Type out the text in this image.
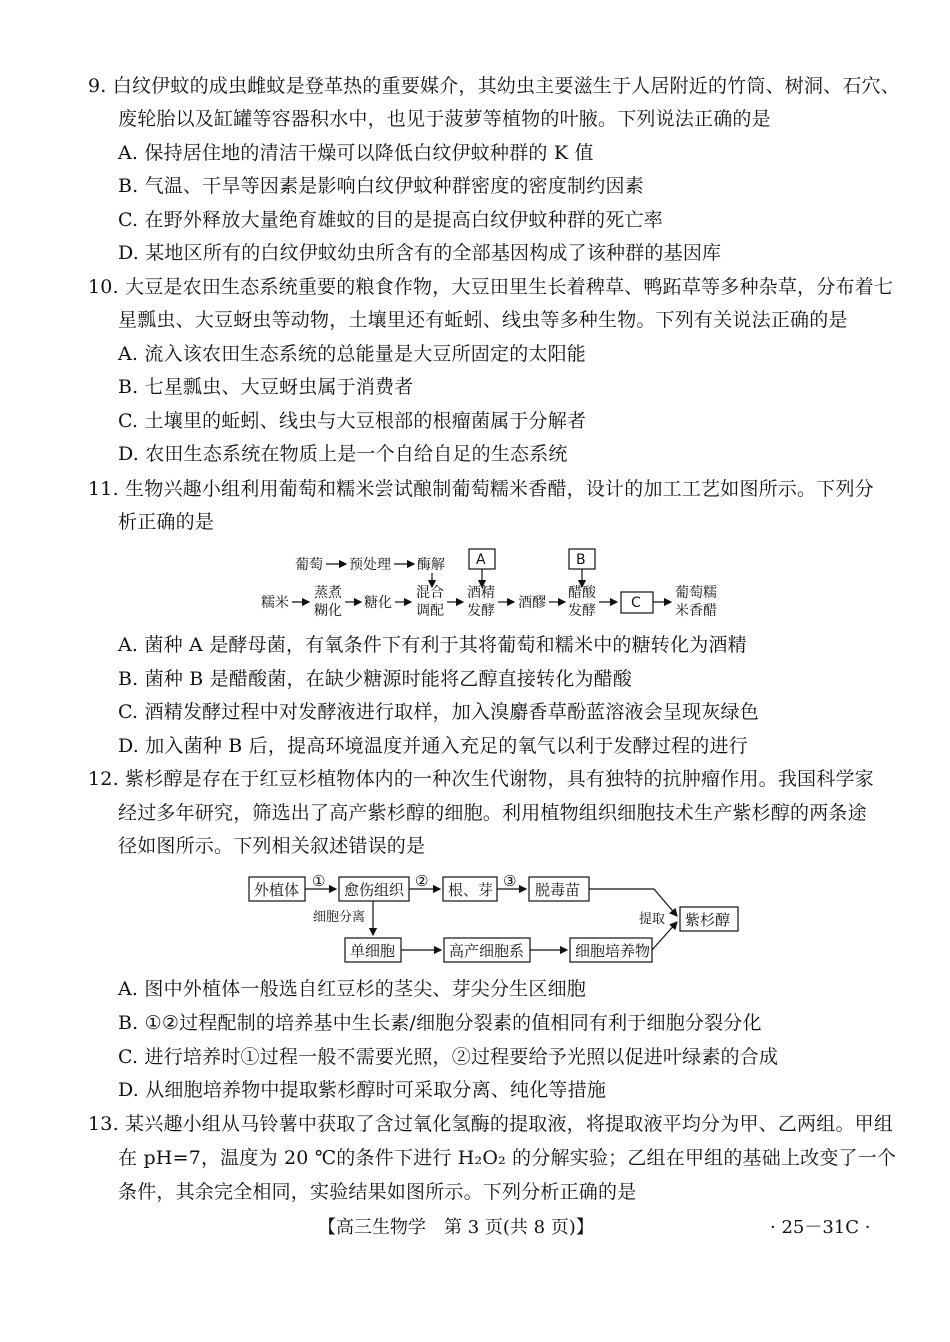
9. 白纹伊蚊的成虫雌蚊是登革热的重要媒介，其幼虫主要滋生于人居附近的竹筒、树洞、石穴、
废轮胎以及缸罐等容器积水中，也见于菠萝等植物的叶腋。下列说法正确的是
A. 保持居住地的清洁干燥可以降低白纹伊蚊种群的 K 值
B. 气温、干旱等因素是影响白纹伊蚊种群密度的密度制约因素
C. 在野外释放大量绝育雄蚊的目的是提高白纹伊蚊种群的死亡率
D. 某地区所有的白纹伊蚊幼虫所含有的全部基因构成了该种群的基因库
10. 大豆是农田生态系统重要的粮食作物，大豆田里生长着稗草、鸭跖草等多种杂草，分布着七
星瓢虫、大豆蚜虫等动物，土壤里还有蚯蚓、线虫等多种生物。下列有关说法正确的是
A. 流入该农田生态系统的总能量是大豆所固定的太阳能
B. 七星瓢虫、大豆蚜虫属于消费者
C. 土壤里的蚯蚓、线虫与大豆根部的根瘤菌属于分解者
D. 农田生态系统在物质上是一个自给自足的生态系统
11. 生物兴趣小组利用葡萄和糯米尝试酿制葡萄糯米香醋，设计的加工工艺如图所示。下列分
析正确的是
葡萄 预处理 酶解 A	B
糯米
蒸煮
糊化 糖化
混合
调配
酒精
发酵 酒醪
醋酸
发酵	C
葡萄糯
米香醋
外植体 ① 愈伤组织 ② 根、芽 ③ 脱毒苗
细胞分离
单细胞	高产细胞系	细胞培养物
提取 紫杉醇
A. 菌种 A 是酵母菌，有氧条件下有利于其将葡萄和糯米中的糖转化为酒精
B. 菌种 B 是醋酸菌，在缺少糖源时能将乙醇直接转化为醋酸
C. 酒精发酵过程中对发酵液进行取样，加入溴麝香草酚蓝溶液会呈现灰绿色
D. 加入菌种 B 后，提高环境温度并通入充足的氧气以利于发酵过程的进行
12. 紫杉醇是存在于红豆杉植物体内的一种次生代谢物，具有独特的抗肿瘤作用。我国科学家
经过多年研究，筛选出了高产紫杉醇的细胞。利用植物组织细胞技术生产紫杉醇的两条途
径如图所示。下列相关叙述错误的是
A. 图中外植体一般选自红豆杉的茎尖、芽尖分生区细胞
B. ①②过程配制的培养基中生长素/细胞分裂素的值相同有利于细胞分裂分化
C. 进行培养时①过程一般不需要光照，②过程要给予光照以促进叶绿素的合成
D. 从细胞培养物中提取紫杉醇时可采取分离、纯化等措施
13. 某兴趣小组从马铃薯中获取了含过氧化氢酶的提取液，将提取液平均分为甲、乙两组。甲组
在 pH=7，温度为 20 ℃的条件下进行 H₂O₂ 的分解实验；乙组在甲组的基础上改变了一个
条件，其余完全相同，实验结果如图所示。下列分析正确的是
【高三生物学　第 3 页(共 8 页)】	· 25－31C ·
